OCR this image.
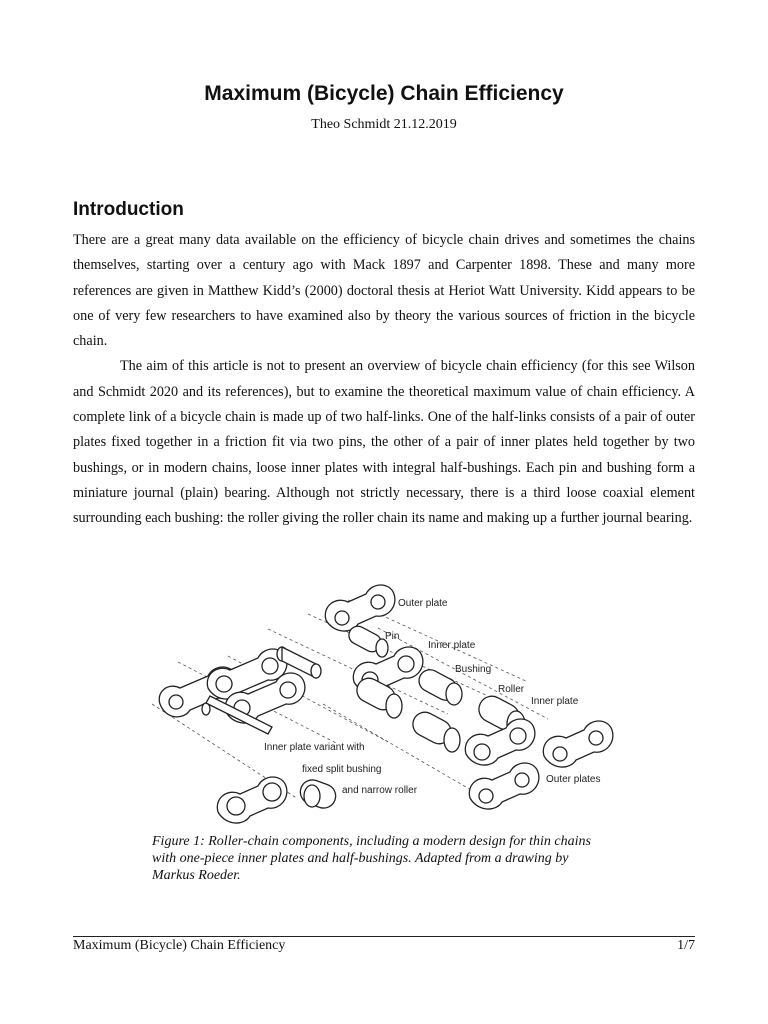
Maximum (Bicycle) Chain Efficiency
Theo Schmidt 21.12.2019
Introduction

There are a great many data available on the efficiency of bicycle chain drives and sometimes the chains themselves, starting over a century ago with Mack 1897 and Carpenter 1898. These and many more references are given in Matthew Kidd’s (2000) doctoral thesis at Heriot Watt University. Kidd appears to be one of very few researchers to have examined also by theory the various sources of friction in the bicycle chain.

The aim of this article is not to present an overview of bicycle chain efficiency (for this see Wilson and Schmidt 2020 and its references), but to examine the theoretical maximum value of chain efficiency. A complete link of a bicycle chain is made up of two half-links. One of the half-links consists of a pair of outer plates fixed together in a friction fit via two pins, the other of a pair of inner plates held together by two bushings, or in modern chains, loose inner plates with integral half-bushings. Each pin and bushing form a miniature journal (plain) bearing. Although not strictly necessary, there is a third loose coaxial element surrounding each bushing: the roller giving the roller chain its name and making up a further journal bearing.

Outer plate
Pin
Inner plate
Bushing
Roller
Inner plate
Outer plates
Inner plate variant with
fixed split bushing
and narrow roller

Figure 1: Roller-chain components, including a modern design for thin chains with one-piece inner plates and half-bushings. Adapted from a drawing by Markus Roeder.

Maximum (Bicycle) Chain Efficiency	1/7
